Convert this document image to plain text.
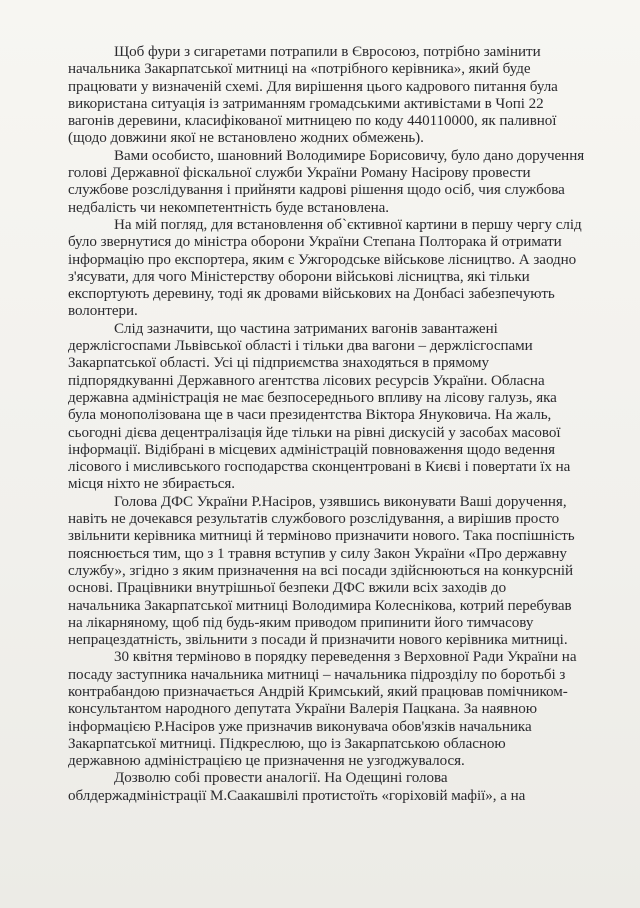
Щоб фури з сигаретами потрапили в Євросоюз, потрібно замінити
начальника Закарпатської митниці на «потрібного керівника», який буде
працювати у визначеній схемі. Для вирішення цього кадрового питання була
використана ситуація із затриманням громадськими активістами в Чопі 22
вагонів деревини, класифікованої митницею по коду 440110000, як паливної
(щодо довжини якої не встановлено жодних обмежень).

Вами особисто, шановний Володимире Борисовичу, було дано доручення
голові Державної фіскальної служби України Роману Насірову провести
службове розслідування і прийняти кадрові рішення щодо осіб, чия службова
недбалість чи некомпетентність буде встановлена.

На мій погляд, для встановлення об`єктивної картини в першу чергу слід
було звернутися до міністра оборони України Степана Полторака й отримати
інформацію про експортера, яким є Ужгородське військове лісництво. А заодно
з'ясувати, для чого Міністерству оборони військові лісництва, які тільки
експортують деревину, тоді як дровами військових на Донбасі забезпечують
волонтери.

Слід зазначити, що частина затриманих вагонів завантажені
держлісгоспами Львівської області і тільки два вагони – держлісгоспами
Закарпатської області. Усі ці підприємства знаходяться в прямому
підпорядкуванні Державного агентства лісових ресурсів України. Обласна
державна адміністрація не має безпосереднього впливу на лісову галузь, яка
була монополізована ще в часи президентства Віктора Януковича. На жаль,
сьогодні дієва децентралізація йде тільки на рівні дискусій у засобах масової
інформації. Відібрані в місцевих адміністрацій повноваження щодо ведення
лісового і мисливського господарства сконцентровані в Києві і повертати їх на
місця ніхто не збирається.

Голова ДФС України Р.Насіров, узявшись виконувати Ваші доручення,
навіть не дочекався результатів службового розслідування, а вирішив просто
звільнити керівника митниці й терміново призначити нового. Така поспішність
пояснюється тим, що з 1 травня вступив у силу Закон України «Про державну
службу», згідно з яким призначення на всі посади здійснюються на конкурсній
основі. Працівники внутрішньої безпеки ДФС вжили всіх заходів до
начальника Закарпатської митниці Володимира Колеснікова, котрий перебував
на лікарняному, щоб під будь-яким приводом припинити його тимчасову
непрацездатність, звільнити з посади й призначити нового керівника митниці.

30 квітня терміново в порядку переведення з Верховної Ради України на
посаду заступника начальника митниці – начальника підрозділу по боротьбі з
контрабандою призначається Андрій Кримський, який працював помічником-
консультантом народного депутата України Валерія Пацкана. За наявною
інформацією Р.Насіров уже призначив виконувача обов'язків начальника
Закарпатської митниці. Підкреслюю, що із Закарпатською обласною
державною адміністрацією це призначення не узгоджувалося.

Дозволю собі провести аналогії. На Одещині голова
облдержадміністрації М.Саакашвілі протистоїть «горіховій мафії», а на
